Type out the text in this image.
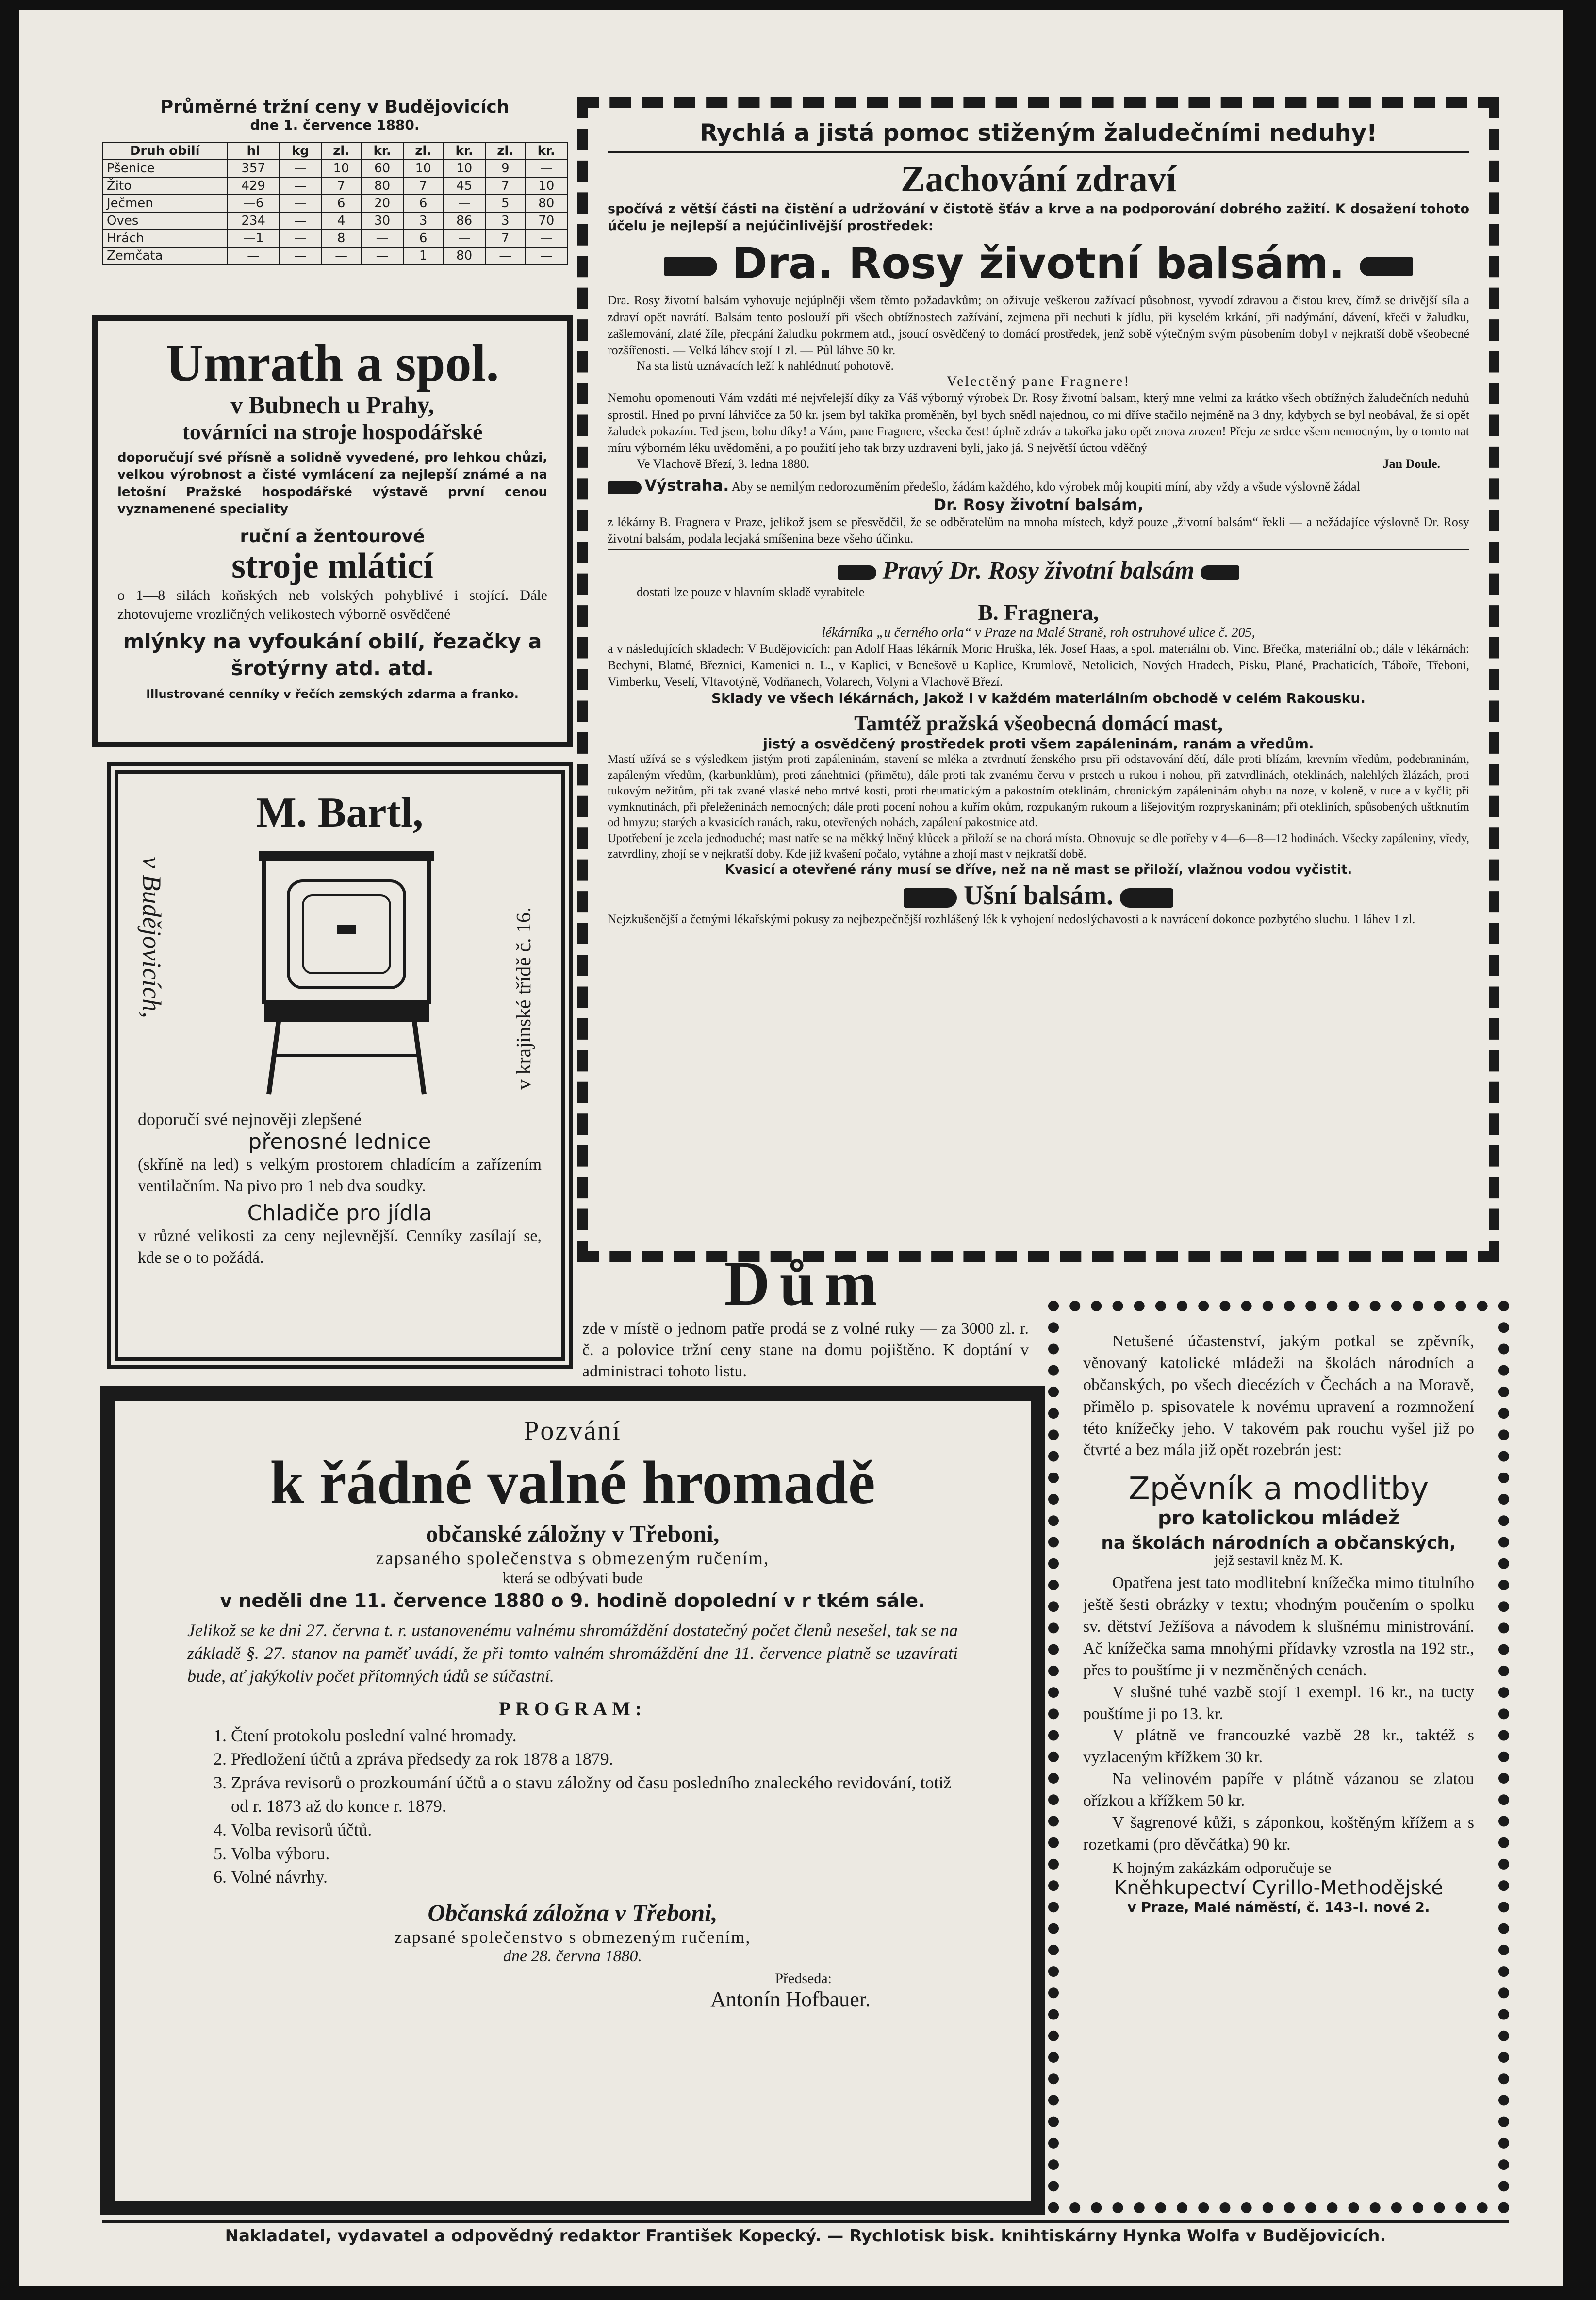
Průměrné tržní ceny v Budějovicích

dne 1. července 1880.

Druh obilí	hl	kg	zl.	kr.	zl.	kr.	zl.	kr.
Pšenice	357	—	10	60	10	10	9	—
Žito	429	—	7	80	7	45	7	10
Ječmen	—6	—	6	20	6	—	5	80
Oves	234	—	4	30	3	86	3	70
Hrách	—1	—	8	—	6	—	7	—
Zemčata	—	—	—	—	1	80	—	—

Umrath a spol.

v Bubnech u Prahy,

továrníci na stroje hospodářské

doporučují své přísně a solidně vyvedené, pro lehkou chůzi, velkou výrobnost a čisté vymlácení za nejlepší známé a na letošní Pražské hospodářské výstavě první cenou vyznamenené speciality

ruční a žentourové

stroje mláticí

o 1—8 silách koňských neb volských pohyblivé i stojící. Dále zhotovujeme vrozličných velikostech výborně osvědčené

mlýnky na vyfoukání obilí, řezačky a šrotýrny atd. atd.

Illustrované cenníky v řečích zemských zdarma a franko.

M. Bartl,

v Budějovicích,	v krajinské třídě č. 16.

doporučí své nejnověji zlepšené

přenosné lednice

(skříně na led) s velkým prostorem chladícím a zařízením ventilačním. Na pivo pro 1 neb dva soudky.

Chladiče pro jídla

v různé velikosti za ceny nejlevnější. Cenníky zasílají se, kde se o to požádá.

Rychlá a jistá pomoc stiženým žaludečními neduhy!

Zachování zdraví

spočívá z větší části na čistění a udržování v čistotě šťáv a krve a na podporování dobrého zažití. K dosažení tohoto účelu je nejlepší a nejúčinlivější prostředek:

Dra. Rosy životní balsám.

Dra. Rosy životní balsám vyhovuje nejúplněji všem těmto požadavkům; on oživuje veškerou zažívací působnost, vyvodí zdravou a čistou krev, čímž se drivější síla a zdraví opět navrátí. Balsám tento poslouží při všech obtížnostech zažívání, zejmena při nechuti k jídlu, při kyselém krkání, při nadýmání, dávení, křeči v žaludku, zašlemování, zlaté žíle, přecpání žaludku pokrmem atd., jsoucí osvědčený to domácí prostředek, jenž sobě výtečným svým působením dobyl v nejkratší době všeobecné rozšířenosti. — Velká láhev stojí 1 zl. — Půl láhve 50 kr.

Na sta listů uznávacích leží k nahlédnutí pohotově.

Velectěný pane Fragnere!

Nemohu opomenouti Vám vzdáti mé nejvřelejší díky za Váš výborný výrobek Dr. Rosy životní balsam, který mne velmi za krátko všech obtížných žaludečních neduhů sprostil. Hned po první láhvičce za 50 kr. jsem byl takřka proměněn, byl bych snědl najednou, co mi dříve stačilo nejméně na 3 dny, kdybych se byl neobával, že si opět žaludek pokazím. Ted jsem, bohu díky! a Vám, pane Fragnere, všecka čest! úplně zdráv a takořka jako opět znova zrozen! Přeju ze srdce všem nemocným, by o tomto nat míru výborném léku uvědoměni, a po použití jeho tak brzy uzdraveni byli, jako já. S největší úctou vděčný

Ve Vlachově Březí, 3. ledna 1880.	Jan Doule.

Výstraha. Aby se nemilým nedorozuměním předešlo, žádám každého, kdo výrobek můj koupiti míní, aby vždy a všude výslovně žádal

Dr. Rosy životní balsám,

z lékárny B. Fragnera v Praze, jelikož jsem se přesvědčil, že se odběratelům na mnoha místech, když pouze „životní balsám“ řekli — a nežádajíce výslovně Dr. Rosy životní balsám, podala lecjaká smíšenina beze všeho účinku.

Pravý Dr. Rosy životní balsám

dostati lze pouze v hlavním skladě vyrabitele

B. Fragnera,

lékárníka „u černého orla“ v Praze na Malé Straně, roh ostruhové ulice č. 205,

a v následujících skladech: V Budějovicích: pan Adolf Haas lékárník Moric Hruška, lék. Josef Haas, a spol. materiálni ob. Vinc. Břečka, materiální ob.; dále v lékárnách: Bechyni, Blatné, Březnici, Kamenici n. L., v Kaplici, v Benešově u Kaplice, Krumlově, Netolicich, Nových Hradech, Pisku, Plané, Prachaticích, Táboře, Třeboni, Vimberku, Veselí, Vltavotýně, Vodňanech, Volarech, Volyni a Vlachově Březí.

Sklady ve všech lékárnách, jakož i v každém materiálním obchodě v celém Rakousku.

Tamtéž pražská všeobecná domácí mast,

jistý a osvědčený prostředek proti všem zapáleninám, ranám a vředům.

Mastí užívá se s výsledkem jistým proti zapáleninám, stavení se mléka a ztvrdnutí ženského prsu při odstavování dětí, dále proti blízám, krevním vředům, podebraninám, zapáleným vředům, (karbunklům), proti zánehtnici (přimětu), dále proti tak zvanému červu v prstech u rukou i nohou, při zatvrdlinách, oteklinách, nalehlých žlázách, proti tukovým nežitům, při tak zvané vlaské nebo mrtvé kosti, proti rheumatickým a pakostním oteklinám, chronickým zapáleninám ohybu na noze, v koleně, v ruce a v kyčli; při vymknutinách, při přeleženinách nemocných; dále proti pocení nohou a kuřím okům, rozpukaným rukoum a lišejovitým rozpryskaninám; při otekliních, spůsobených uštknutím od hmyzu; starých a kvasicích ranách, raku, otevřených nohách, zapálení pakostnice atd.

Upotřebení je zcela jednoduché; mast natře se na měkký lněný klůcek a přiloží se na chorá místa. Obnovuje se dle potřeby v 4—6—8—12 hodinách. Všecky zapáleniny, vředy, zatvrdliny, zhojí se v nejkratší doby. Kde již kvašení počalo, vytáhne a zhojí mast v nejkratší době.

Kvasicí a otevřené rány musí se dříve, než na ně mast se přiloží, vlažnou vodou vyčistit.

Ušní balsám.

Nejzkušenější a četnými lékařskými pokusy za nejbezpečnější rozhlášený lék k vyhojení nedoslýchavosti a k navrácení dokonce pozbytého sluchu. 1 láhev 1 zl.

Dům

zde v místě o jednom patře prodá se z volné ruky — za 3000 zl. r. č. a polovice tržní ceny stane na domu pojištěno. K doptání v administraci tohoto listu.

Pozvání

k řádné valné hromadě

občanské záložny v Třeboni,

zapsaného společenstva s obmezeným ručením,

která se odbývati bude

v neděli dne 11. července 1880 o 9. hodině dopolední v r tkém sále.

Jelikož se ke dni 27. června t. r. ustanovenému valnému shromáždění dostatečný počet členů nesešel, tak se na základě §. 27. stanov na paměť uvádí, že při tomto valném shromáždění dne 11. července platně se uzavírati bude, ať jakýkoliv počet přítomných údů se súčastní.

PROGRAM:

1. Čtení protokolu poslední valné hromady.
2. Předložení účtů a zpráva předsedy za rok 1878 a 1879.
3. Zpráva revisorů o prozkoumání účtů a o stavu záložny od času posledního znaleckého revidování, totiž od r. 1873 až do konce r. 1879.
4. Volba revisorů účtů.
5. Volba výboru.
6. Volné návrhy.

Občanská záložna v Třeboni,

zapsané společenstvo s obmezeným ručením,

dne 28. června 1880.

Předseda:

Antonín Hofbauer.

Netušené účastenství, jakým potkal se zpěvník, věnovaný katolické mládeži na školách národních a občanských, po všech diecézích v Čechách a na Moravě, přimělo p. spisovatele k novému upravení a rozmnožení této knížečky jeho. V takovém pak rouchu vyšel již po čtvrté a bez mála již opět rozebrán jest:

Zpěvník a modlitby

pro katolickou mládež

na školách národních a občanských,

jejž sestavil kněz M. K.

Opatřena jest tato modlitební knížečka mimo titulního ještě šesti obrázky v textu; vhodným poučením o spolku sv. dětství Ježíšova a návodem k slušnému ministrování. Ač knížečka sama mnohými přídavky vzrostla na 192 str., přes to pouštíme ji v nezměněných cenách.

V slušné tuhé vazbě stojí 1 exempl. 16 kr., na tucty pouštíme ji po 13. kr.

V plátně ve francouzké vazbě 28 kr., taktéž s vyzlaceným křížkem 30 kr.

Na velinovém papíře v plátně vázanou se zlatou ořízkou a křížkem 50 kr.

V šagrenové kůži, s záponkou, koštěným křížem a s rozetkami (pro děvčátka) 90 kr.

K hojným zakázkám odporučuje se

Kněhkupectví Cyrillo-Methodějské

v Praze, Malé náměstí, č. 143-I. nové 2.

Nakladatel, vydavatel a odpovědný redaktor František Kopecký. — Rychlotisk bisk. knihtiskárny Hynka Wolfa v Budějovicích.
